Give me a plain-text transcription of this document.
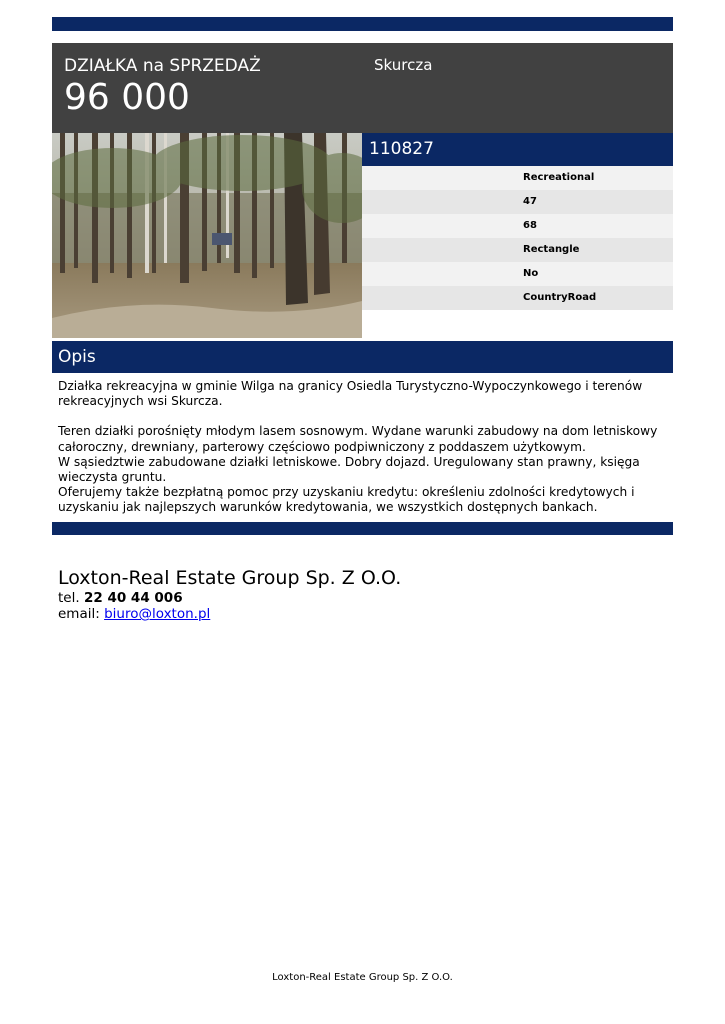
DZIAŁKA na SPRZEDAŻ
96 000
Skurcza
110827
Recreational
47
68
Rectangle
No
CountryRoad
Opis

Działka rekreacyjna w gminie Wilga na granicy Osiedla Turystyczno-Wypoczynkowego i terenów rekreacyjnych wsi Skurcza.

Teren działki porośnięty młodym lasem sosnowym. Wydane warunki zabudowy na dom letniskowy całoroczny, drewniany, parterowy częściowo podpiwniczony z poddaszem użytkowym.

W sąsiedztwie zabudowane działki letniskowe. Dobry dojazd. Uregulowany stan prawny, księga wieczysta gruntu.

Oferujemy także bezpłatną pomoc przy uzyskaniu kredytu: określeniu zdolności kredytowych i uzyskaniu jak najlepszych warunków kredytowania, we wszystkich dostępnych bankach.

Loxton-Real Estate Group Sp. Z O.O.
tel. 22 40 44 006
email: biuro@loxton.pl
Loxton-Real Estate Group Sp. Z O.O.
